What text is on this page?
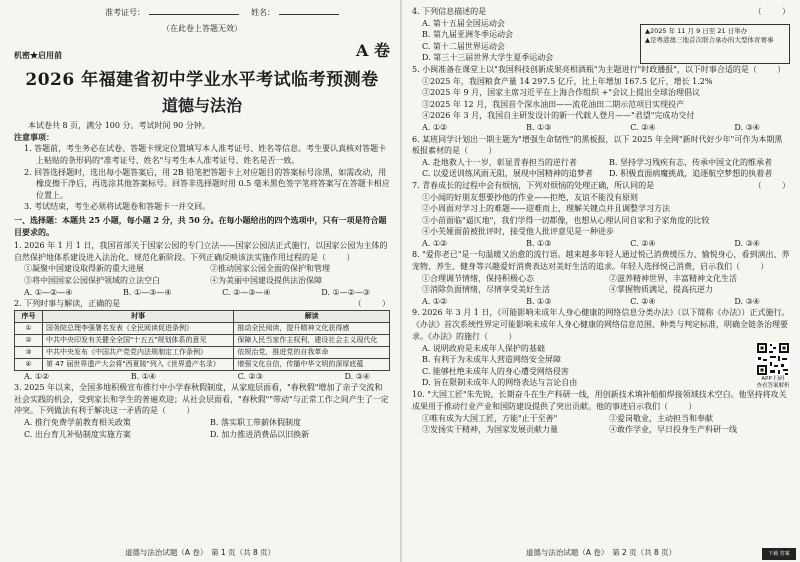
准考证号：	姓名：
（在此卷上答题无效）
机密★启用前	A 卷
2026 年福建省初中学业水平考试临考预测卷
道德与法治
本试卷共 8 页，满分 100 分。考试时间 90 分钟。
注意事项：
1. 答题前，考生务必在试卷、答题卡规定位置填写本人准考证号、姓名等信息。考生要认真核对答题卡上粘贴的条形码的"准考证号、姓名"与考生本人准考证号、姓名是否一致。
2. 回答选择题时，选出每小题答案后，用 2B 铅笔把答题卡上对应题目的答案标号涂黑，如需改动，用橡皮擦干净后，再选涂其他答案标号。回答非选择题时用 0.5 毫米黑色签字笔将答案写在答题卡相应位置上。
3. 考试结束，考生必须将试题卷和答题卡一并交回。
一、选择题：本题共 25 小题，每小题 2 分，共 50 分。在每小题给出的四个选项中，只有一项是符合题目要求的。
1. 2026 年 1 月 1 日，我国首部关于国家公园的专门立法——国家公园法正式施行，以国家公园为主体的自然保护地体系建设进入法治化、规范化新阶段。下列正确反映该法实施作用过程的是（        ）
①凝聚中国建设取得新的重大进展	②推动国家公园全面的保护和管理
③将中国国家公园保护领域的立法空白	④为美丽中国建设提供法治保障
A. ①—②—④	B. ①—③—④	C. ②—③—④	D. ①—②—③
2. 下列时事与解读，正确的是	（        ）
序号	时事	解读
①	国务院总理李强署名发表《全民阅读促进条例》	推动全民阅读，提升精神文化获得感
②	中共中央印发有关健全全国"十五五"规划体系的意见	保障人民当家作主权利，建设社会主义现代化
③	中共中央发布《中国共产党党内法规制定工作条例》	依规治党，推进党的自我革命
④	第 47 届世界遗产大会将"西夏陵"列入《世界遗产名录》	增强文化自信，传播中华文明的深厚底蕴
A. ①②	B. ①④	C. ②③	D. ③④
3. 2025 年以来，全国多地积极宣布推行中小学春秋假制度，从家庭层面看，"春秋假"增加了亲子交流和社会实践的机会，受到家长和学生的普遍欢迎；从社会层面看，"春秋假""带动"与正常工作之间产生了一定冲突。下列做法有利于解决这一矛盾的是（        ）
A. 推行免费学前教育相关政策	B. 落实职工带薪休假制度
C. 出台育儿补贴制度实施方案	D. 加力推进消费品以旧换新
道德与法治试题（A 卷）　第 1 页（共 8 页）
4. 下列信息描述的是	（        ）
A. 第十五届全国运动会
B. 第九届亚洲冬季运动会
C. 第十二届世界运动会
D. 第三十三届世界大学生夏季运动会
▲2025 年 11 月 9 日至 21 日举办
▲是粤港澳三地首次联合承办的大型体育赛事
5. 小闽准备在课堂上以"我国科技创新成果亮相酒瓶"为主题进行"时政播报"，以下时事合适的是（        ）
①2025 年，我国粮食产量 14 297.5 亿斤，比上年增加 167.5 亿斤，增长 1.2%
②2025 年 9 月，国家主席习近平在上海合作组织 +"会议上提出全球治理倡议
③2025 年 12 月，我国首个深水油田——流花油田二期示范项目实现投产
④2026 年 3 月，我国自主研发设计的新一代载人登月——"君望"完成功交付
A. ①②	B. ①③	C. ②④	D. ③④
6. 某班同学计划出一期主题为"增强生命韧性"的黑板报，以下 2025 年全网"新时代好少年"可作为本期黑板报素材的是（        ）
A. 赴地救人十一岁，彰显青春担当的逆行者	B. 坚持学习残疾有志，传承中国文化的维承者
C. 以爱送训练风雨无阻，展现中国精神的追梦者	D. 积极直面病魔挑战，追逐航空梦想的执着者
7. 青春成长的过程中会有烦恼，下列对烦恼的处理正确，所认同的是	（        ）
①小闻的好朋友想要抄他的作业——拒绝，友谊不能没有原则
②小周面对学习上的难题——迎难而上，理解关键点并且调整学习方法
③小苗面临"逼仄地"，我们学得一切都像，也想从心理认同自家和子家角度的比较
④小芙娅面前被批评时，接受他人批评意见是一种进步
A. ①②	B. ①③	C. ②④	D. ③④
8. "爱你老已"是一句温暖又治愈的流行语。越来越多年轻人通过悦己消费缓压力、愉悦身心，看到演出、养宠物、养生、健身等兴趣爱好消费表达对美好生活的追求。年轻人选择悦己消费，启示我们（        ）
①合理调节情绪，保持积极心态	②滋养精神世界，丰富精神文化生活
③消除负面情绪，尽情享受美好生活	④掌握物质满足，提高抗逆力
A. ①②	B. ①③	C. ②④	D. ③④
9. 2026 年 3 月 1 日，《可能影响未成年人身心健康的网络信息分类办法》（以下简称《办法》）正式施行。《办法》首次系统性界定可能影响未成年人身心健康的网络信息范围、种类与判定标准，明确全链条治理要求。《办法》的施行（        ）
A. 说明政府是未成年人保护的基础
B. 有利于为未成年人营造网络安全屏障
C. 能够杜绝未成年人的身心遭受网络侵害
D. 旨在限制未成年人的网络表达与言论自由	APP 扫码
查看答案解析
10. "大国工匠"朱先锐，长期奋斗在生产科研一线，用创新技术填补船舶焊接领域技术空白。他坚持将攻关成果用于推动行业产业和国防建设提供了突出贡献。他的事迹启示我们（        ）
①唯有成为大国工匠，方能"止于至善"	②爱岗敬业，主动担当和奉献
③发扬实干精神，为国家发展贡献力量	④敢作学业，早日投身生产科研一线
道德与法治试题（A 卷）　第 2 页（共 8 页）	下载 答案
